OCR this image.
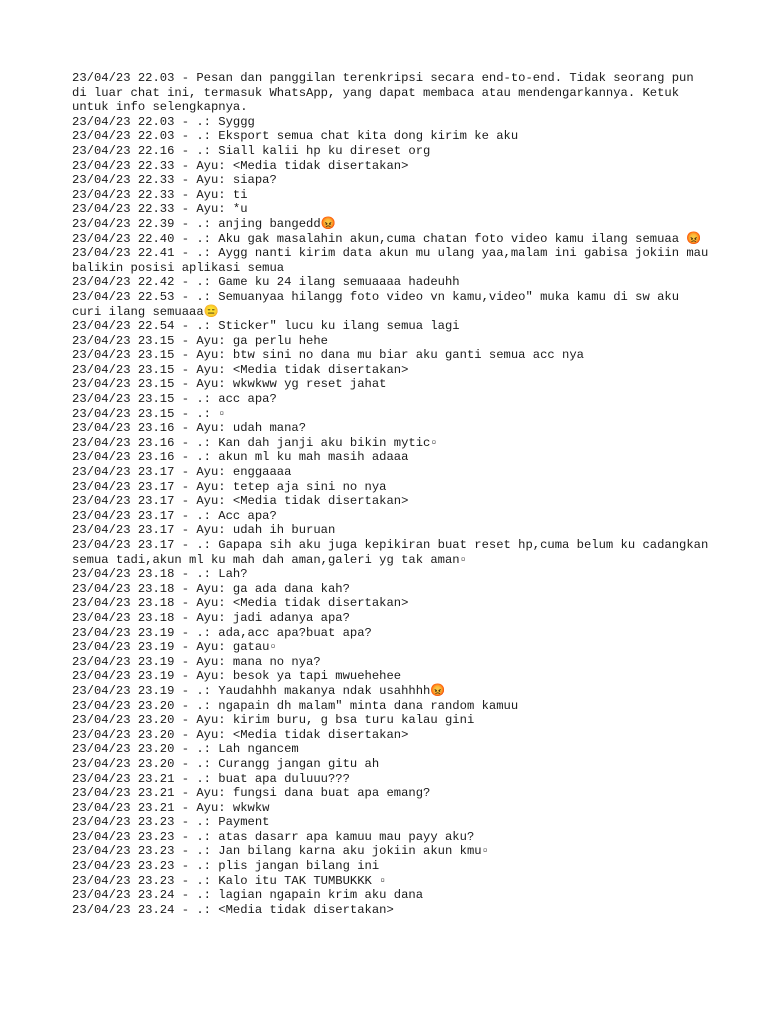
23/04/23 22.03 - Pesan dan panggilan terenkripsi secara end-to-end. Tidak seorang pun di luar chat ini, termasuk WhatsApp, yang dapat membaca atau mendengarkannya. Ketuk untuk info selengkapnya.
23/04/23 22.03 - .: Syggg
23/04/23 22.03 - .: Eksport semua chat kita dong kirim ke aku
23/04/23 22.16 - .: Siall kalii hp ku direset org
23/04/23 22.33 - Ayu: <Media tidak disertakan>
23/04/23 22.33 - Ayu: siapa?
23/04/23 22.33 - Ayu: ti
23/04/23 22.33 - Ayu: *u
23/04/23 22.39 - .: anjing bangedd😡
23/04/23 22.40 - .: Aku gak masalahin akun,cuma chatan foto video kamu ilang semuaa 😡
23/04/23 22.41 - .: Aygg nanti kirim data akun mu ulang yaa,malam ini gabisa jokiin mau balikin posisi aplikasi semua
23/04/23 22.42 - .: Game ku 24 ilang semuaaaa hadeuhh
23/04/23 22.53 - .: Semuanyaa hilangg foto video vn kamu,video" muka kamu di sw aku curi ilang semuaaa😑
23/04/23 22.54 - .: Sticker" lucu ku ilang semua lagi
23/04/23 23.15 - Ayu: ga perlu hehe
23/04/23 23.15 - Ayu: btw sini no dana mu biar aku ganti semua acc nya
23/04/23 23.15 - Ayu: <Media tidak disertakan>
23/04/23 23.15 - Ayu: wkwkww yg reset jahat
23/04/23 23.15 - .: acc apa?
23/04/23 23.15 - .: ▫
23/04/23 23.16 - Ayu: udah mana?
23/04/23 23.16 - .: Kan dah janji aku bikin mytic▫
23/04/23 23.16 - .: akun ml ku mah masih adaaa
23/04/23 23.17 - Ayu: enggaaaa
23/04/23 23.17 - Ayu: tetep aja sini no nya
23/04/23 23.17 - Ayu: <Media tidak disertakan>
23/04/23 23.17 - .: Acc apa?
23/04/23 23.17 - Ayu: udah ih buruan
23/04/23 23.17 - .: Gapapa sih aku juga kepikiran buat reset hp,cuma belum ku cadangkan semua tadi,akun ml ku mah dah aman,galeri yg tak aman▫
23/04/23 23.18 - .: Lah?
23/04/23 23.18 - Ayu: ga ada dana kah?
23/04/23 23.18 - Ayu: <Media tidak disertakan>
23/04/23 23.18 - Ayu: jadi adanya apa?
23/04/23 23.19 - .: ada,acc apa?buat apa?
23/04/23 23.19 - Ayu: gatau▫
23/04/23 23.19 - Ayu: mana no nya?
23/04/23 23.19 - Ayu: besok ya tapi mwuehehee
23/04/23 23.19 - .: Yaudahhh makanya ndak usahhhh😡
23/04/23 23.20 - .: ngapain dh malam" minta dana random kamuu
23/04/23 23.20 - Ayu: kirim buru, g bsa turu kalau gini
23/04/23 23.20 - Ayu: <Media tidak disertakan>
23/04/23 23.20 - .: Lah ngancem
23/04/23 23.20 - .: Curangg jangan gitu ah
23/04/23 23.21 - .: buat apa duluuu???
23/04/23 23.21 - Ayu: fungsi dana buat apa emang?
23/04/23 23.21 - Ayu: wkwkw
23/04/23 23.23 - .: Payment
23/04/23 23.23 - .: atas dasarr apa kamuu mau payy aku?
23/04/23 23.23 - .: Jan bilang karna aku jokiin akun kmu▫
23/04/23 23.23 - .: plis jangan bilang ini
23/04/23 23.23 - .: Kalo itu TAK TUMBUKKK ▫
23/04/23 23.24 - .: lagian ngapain krim aku dana
23/04/23 23.24 - .: <Media tidak disertakan>
